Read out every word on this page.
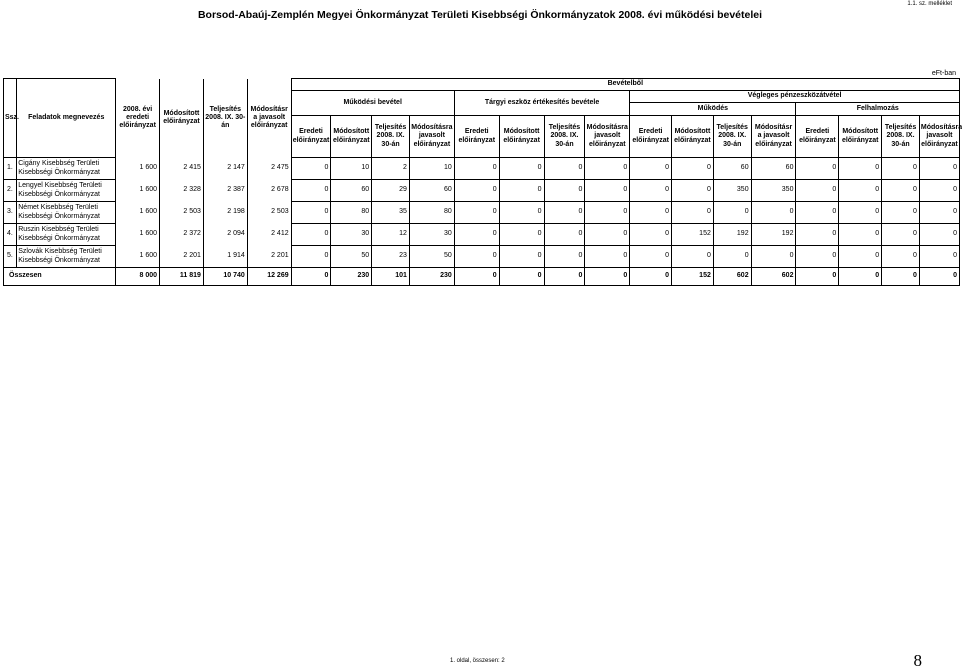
1.1. sz. melléklet
Borsod-Abaúj-Zemplén Megyei Önkormányzat Területi Kisebbségi Önkormányzatok 2008. évi működési bevételei
eFt-ban
Ssz.	Feladatok megnevezés	2008. évi eredeti előirányzat	Módosított előirányzat	Teljesítés 2008. IX. 30-án	Módosításr a javasolt előirányzat	Bevételből															
						Működési bevétel				Tárgyi eszköz értékesítés bevétele				Végleges pénzeszközátvétel							
														Működés				Felhalmozás			
						Eredeti előirányzat	Módosított előirányzat	Teljesítés 2008. IX. 30-án	Módosításra javasolt előirányzat	Eredeti előirányzat	Módosított előirányzat	Teljesítés 2008. IX. 30-án	Módosításra javasolt előirányzat	Eredeti előirányzat	Módosított előirányzat	Teljesítés 2008. IX. 30-án	Módosításr a javasolt előirányzat	Eredeti előirányzat	Módosított előirányzat	Teljesítés 2008. IX. 30-án	Módosításra javasolt előirányzat
1.	Cigány Kisebbség Területi Kisebbségi Önkormányzat	1 600	2 415	2 147	2 475	0	10	2	10	0	0	0	0	0	0	60	60	0	0	0	0
2.	Lengyel Kisebbség Területi Kisebbségi Önkormányzat	1 600	2 328	2 387	2 678	0	60	29	60	0	0	0	0	0	0	350	350	0	0	0	0
3.	Német Kisebbség Területi Kisebbségi Önkormányzat	1 600	2 503	2 198	2 503	0	80	35	80	0	0	0	0	0	0	0	0	0	0	0	0
4.	Ruszin Kisebbség Területi Kisebbségi Önkormányzat	1 600	2 372	2 094	2 412	0	30	12	30	0	0	0	0	0	152	192	192	0	0	0	0
5.	Szlovák Kisebbség Területi Kisebbségi Önkormányzat	1 600	2 201	1 914	2 201	0	50	23	50	0	0	0	0	0	0	0	0	0	0	0	0
Összesen		8 000	11 819	10 740	12 269	0	230	101	230	0	0	0	0	0	152	602	602	0	0	0	0
1. oldal, összesen: 2	8
